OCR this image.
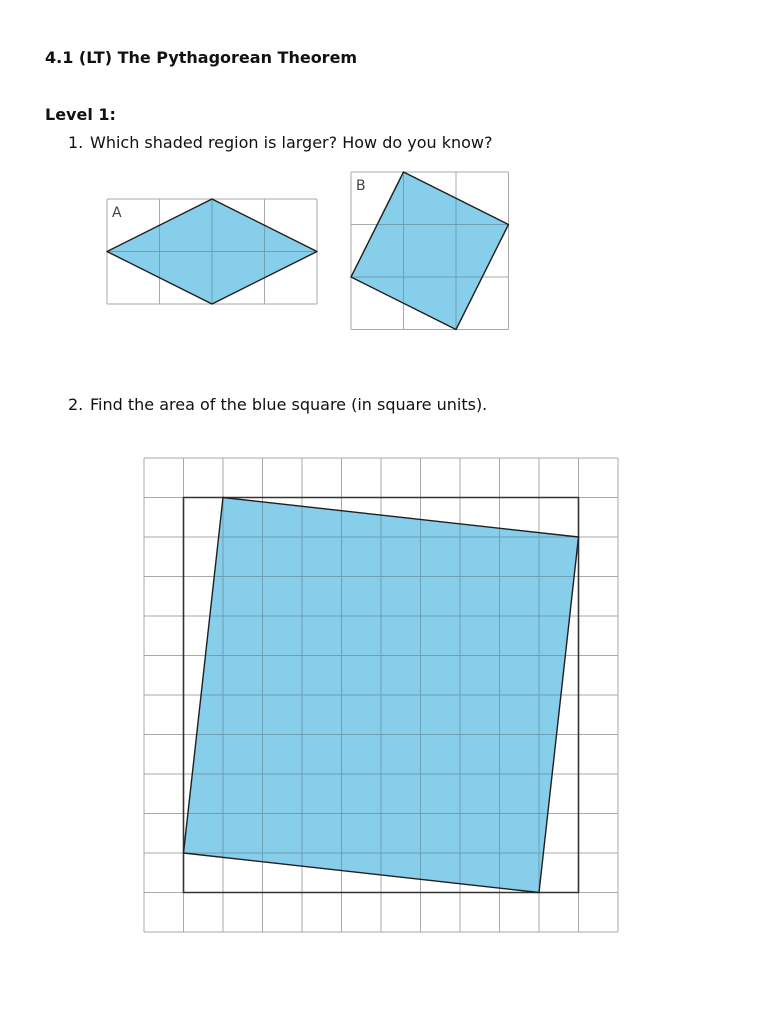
4.1 (LT) The Pythagorean Theorem
Level 1:
1. Which shaded region is larger? How do you know?
2. Find the area of the blue square (in square units).
A
B
